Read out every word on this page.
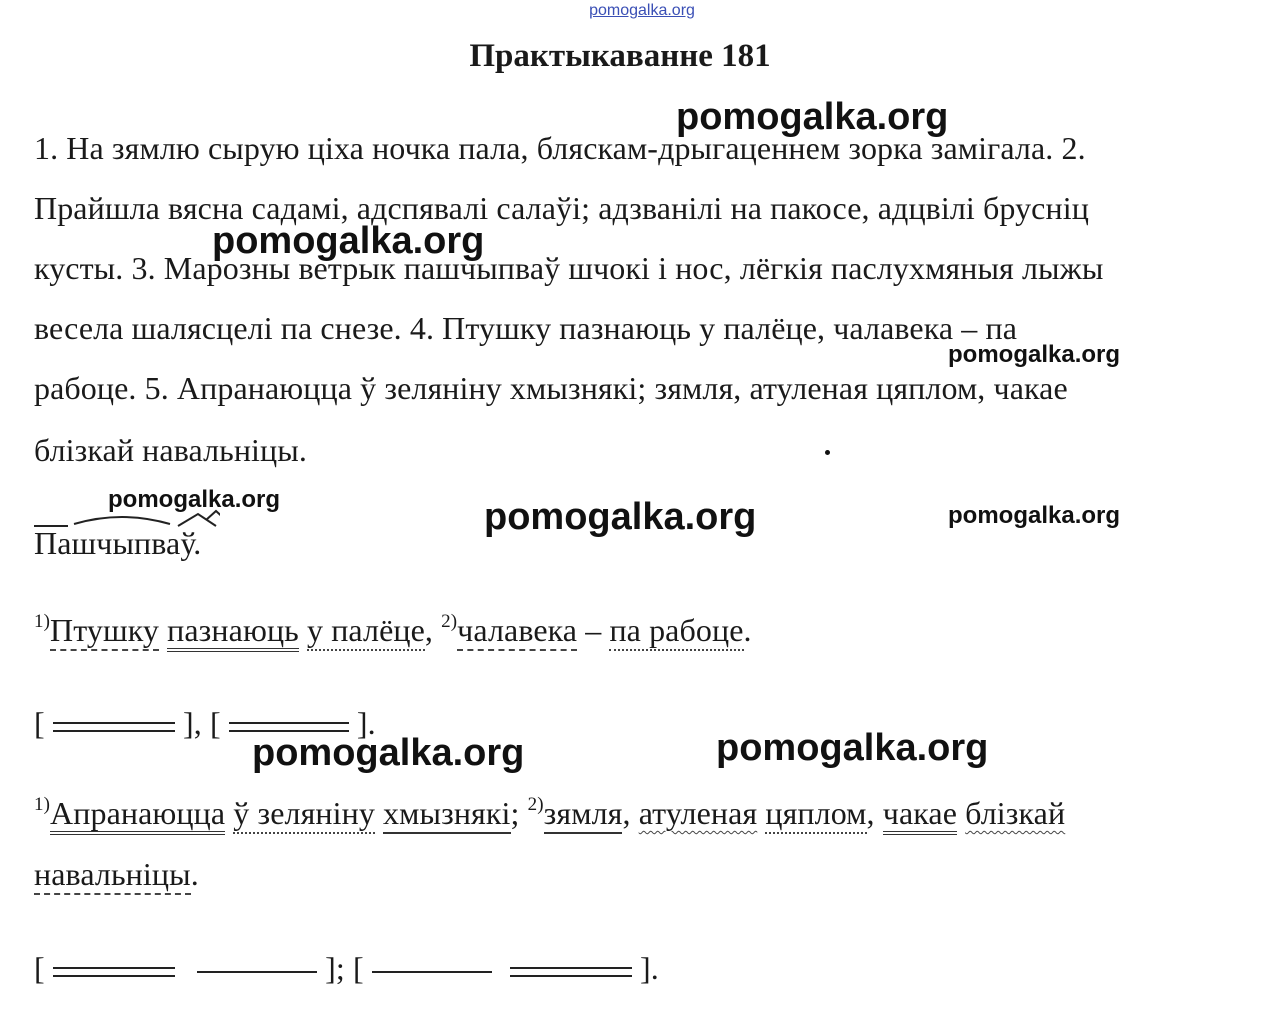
pomogalka.org
Практыкаванне 181
1. На зямлю сырую ціха ночка пала, бляскам-дрыгаценнем зорка замігала. 2.
Прайшла вясна садамі, адспявалі салаўі; адзванілі на пакосе, адцвілі брусніц
кусты. 3. Марозны ветрык пашчыпваў шчокі і нос, лёгкія паслухмяныя лыжы
весела шалясцелі па снезе. 4. Птушку пазнаюць у палёце, чалавека – па
рабоце. 5. Апранаюцца ў зеляніну хмызнякі; зямля, атуленая цяплом, чакае
блізкай навальніцы.
Пашчыпваў.
$^{1)}$Птушку пазнаюць у палёце, $^{2)}$чалавека – па рабоце.
[	], [	].
$^{1)}$Апранаюцца ў зеляніну хмызнякі; $^{2)}$зямля, атуленая цяплом, чакае блізкай
навальніцы.
[	]; [	].
pomogalka.org
pomogalka.org
pomogalka.org
pomogalka.org	pomogalka.org	pomogalka.org
pomogalka.org	pomogalka.org
